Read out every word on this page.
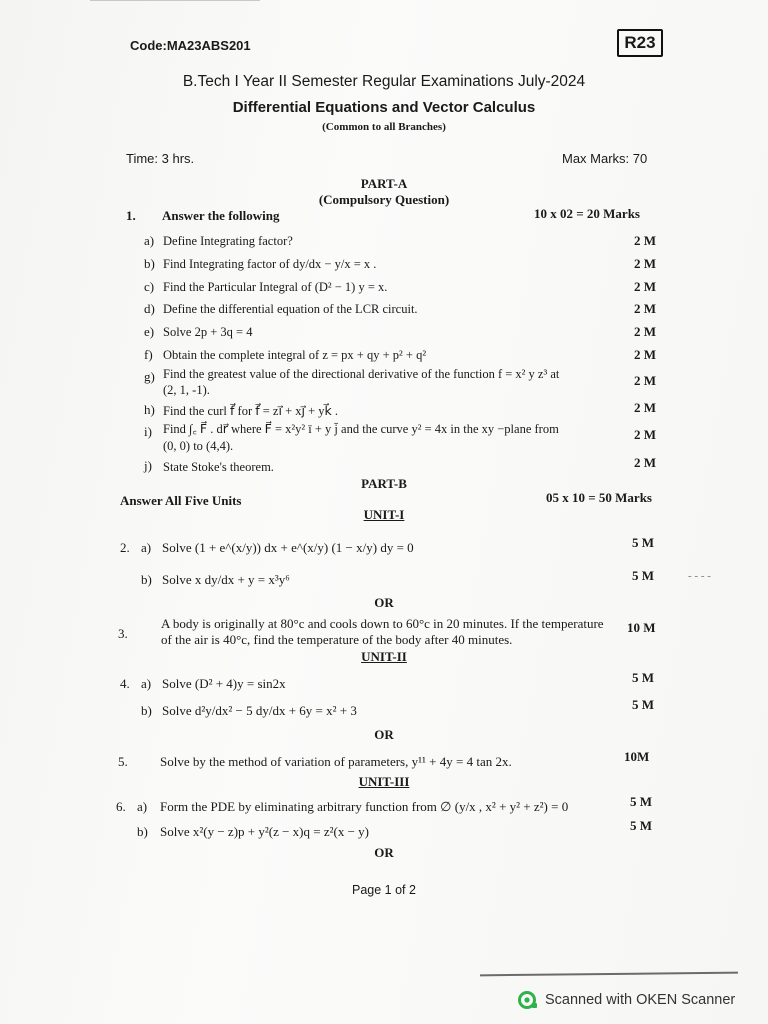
Code:MA23ABS201	R23
B.Tech I Year II Semester Regular Examinations July-2024
Differential Equations and Vector Calculus
(Common to all Branches)
Time: 3 hrs.	Max Marks: 70
PART-A
(Compulsory Question)
1. Answer the following	10 x 02 = 20 Marks
a) Define Integrating factor?	2 M
b) Find Integrating factor of dy/dx − y/x = x .	2 M
c) Find the Particular Integral of (D² − 1) y = x.	2 M
d) Define the differential equation of the LCR circuit.	2 M
e) Solve 2p + 3q = 4	2 M
f) Obtain the complete integral of z = px + qy + p² + q²	2 M
g) Find the greatest value of the directional derivative of the function f = x² y z³ at
(2, 1, -1).
2 M
h) Find the curl f⃗ for f⃗ = zi⃗ + xj⃗ + yk⃗ .	2 M
i) Find ∫꜀ F⃗ . dr⃗ where F⃗ = x²y² ī + y j̄ and the curve y² = 4x in the xy −plane from
(0, 0) to (4,4).
2 M
j) State Stoke's theorem.	2 M
PART-B
Answer All Five Units	05 x 10 = 50 Marks
UNIT-I
2. a) Solve (1 + e^(x/y)) dx + e^(x/y) (1 − x/y) dy = 0	5 M
b) Solve x dy/dx + y = x³y⁶	5 M	- - - -
OR
3.
A body is originally at 80°c and cools down to 60°c in 20 minutes. If the temperature
of the air is 40°c, find the temperature of the body after 40 minutes.
10 M
UNIT-II
4. a) Solve (D² + 4)y = sin2x	5 M
b) Solve d²y/dx² − 5 dy/dx + 6y = x² + 3	5 M
OR
5. Solve by the method of variation of parameters, y¹¹ + 4y = 4 tan 2x.	10M
UNIT-III
6. a) Form the PDE by eliminating arbitrary function from ∅ (y/x , x² + y² + z²) = 0	5 M
b) Solve x²(y − z)p + y²(z − x)q = z²(x − y)	5 M
OR
Page 1 of 2
Scanned with OKEN Scanner
